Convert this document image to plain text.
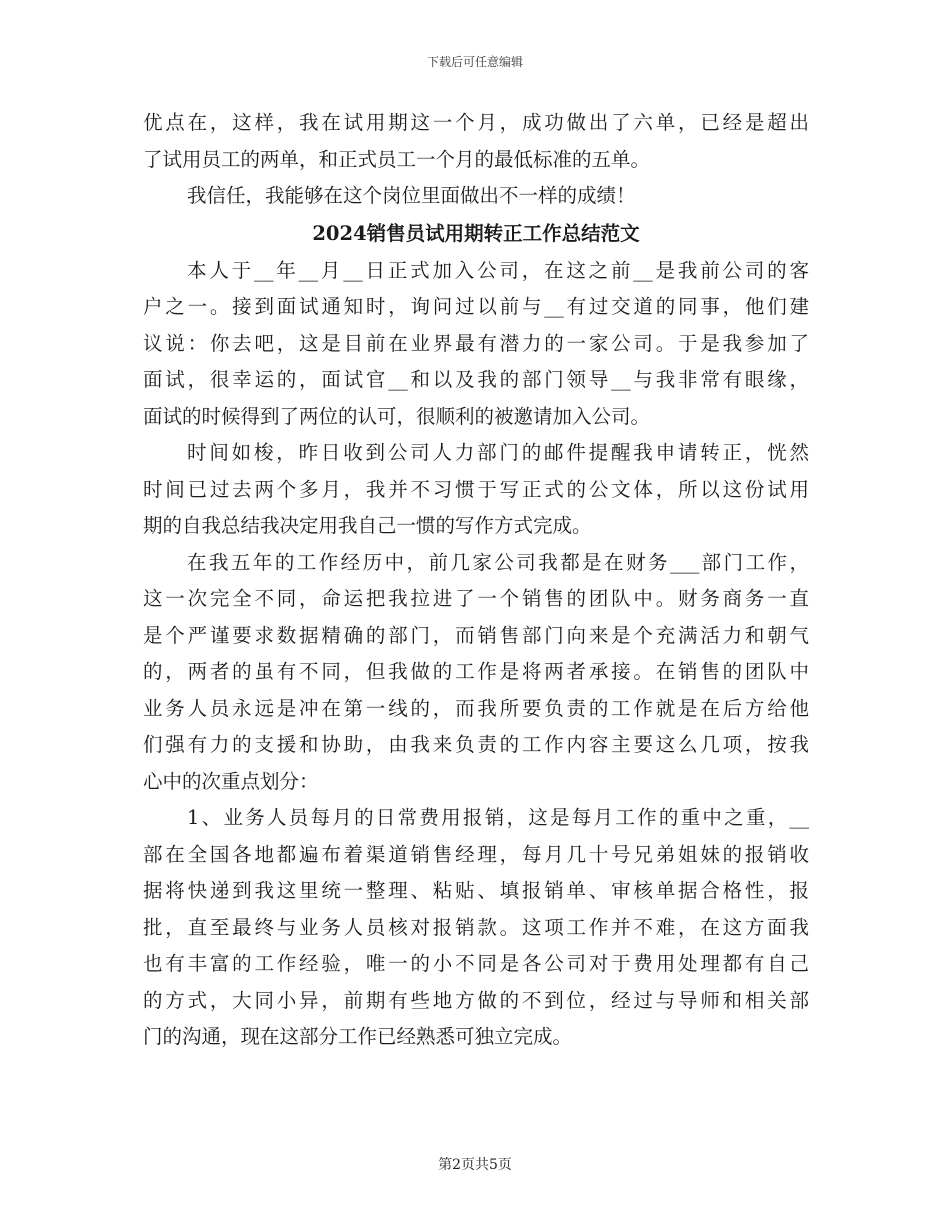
下载后可任意编辑
优点在，这样，我在试用期这一个月，成功做出了六单，已经是超出
了试用员工的两单，和正式员工一个月的最低标准的五单。
我信任，我能够在这个岗位里面做出不一样的成绩！
2024销售员试用期转正工作总结范文
本人于__年__月__日正式加入公司，在这之前__是我前公司的客
户之一。接到面试通知时，询问过以前与__有过交道的同事，他们建
议说：你去吧，这是目前在业界最有潜力的一家公司。于是我参加了
面试，很幸运的，面试官__和以及我的部门领导__与我非常有眼缘，
面试的时候得到了两位的认可，很顺利的被邀请加入公司。
时间如梭，昨日收到公司人力部门的邮件提醒我申请转正，恍然
时间已过去两个多月，我并不习惯于写正式的公文体，所以这份试用
期的自我总结我决定用我自己一惯的写作方式完成。
在我五年的工作经历中，前几家公司我都是在财务___部门工作，
这一次完全不同，命运把我拉进了一个销售的团队中。财务商务一直
是个严谨要求数据精确的部门，而销售部门向来是个充满活力和朝气
的，两者的虽有不同，但我做的工作是将两者承接。在销售的团队中
业务人员永远是冲在第一线的，而我所要负责的工作就是在后方给他
们强有力的支援和协助，由我来负责的工作内容主要这么几项，按我
心中的次重点划分：
1、业务人员每月的日常费用报销，这是每月工作的重中之重，__
部在全国各地都遍布着渠道销售经理，每月几十号兄弟姐妹的报销收
据将快递到我这里统一整理、粘贴、填报销单、审核单据合格性，报
批，直至最终与业务人员核对报销款。这项工作并不难，在这方面我
也有丰富的工作经验，唯一的小不同是各公司对于费用处理都有自己
的方式，大同小异，前期有些地方做的不到位，经过与导师和相关部
门的沟通，现在这部分工作已经熟悉可独立完成。
第2页共5页
